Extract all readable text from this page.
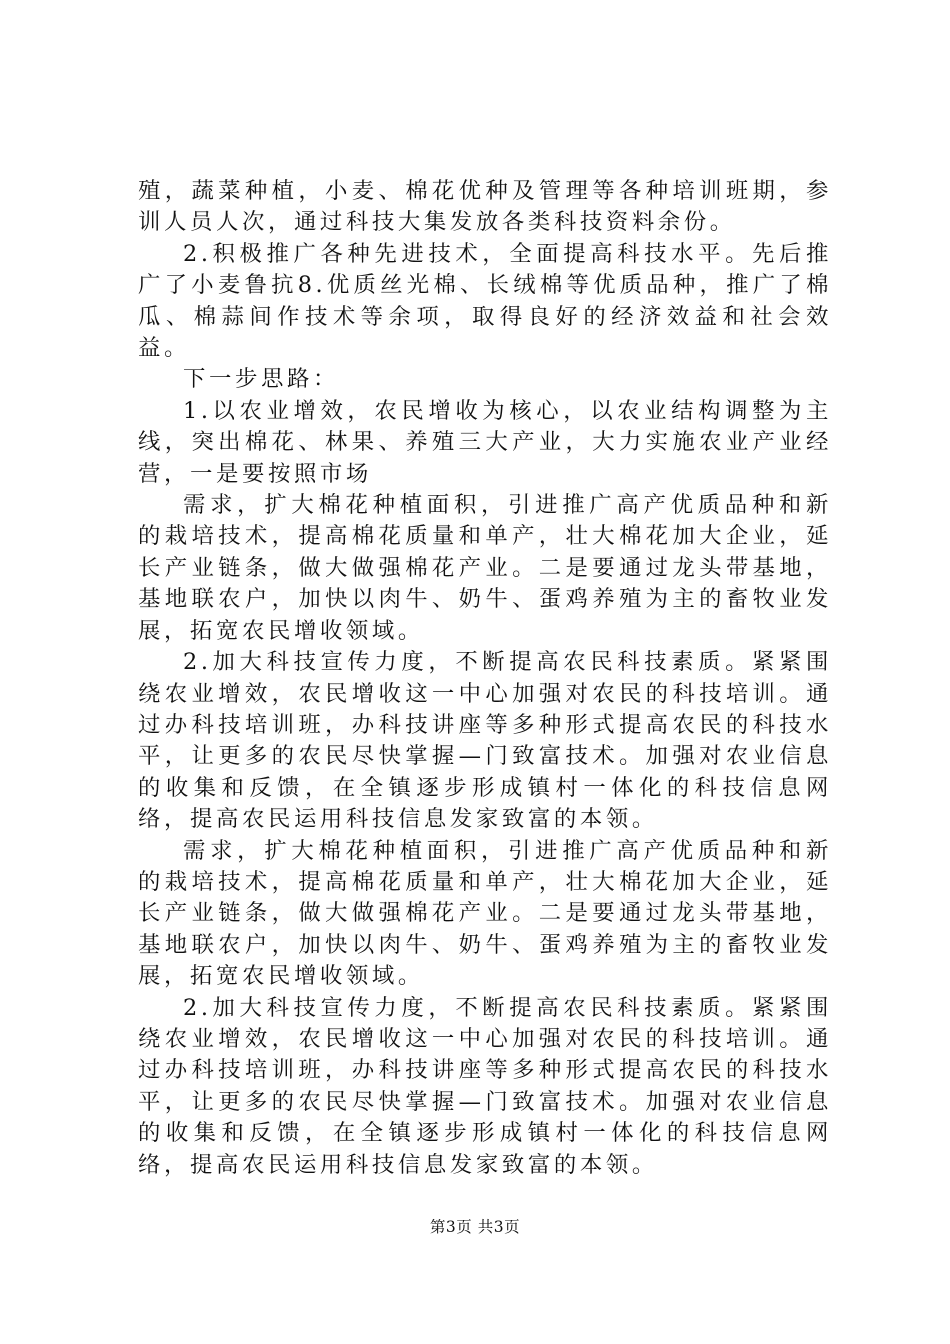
殖，蔬菜种植，小麦、棉花优种及管理等各种培训班期，参训人员人次，通过科技大集发放各类科技资料余份。

2.积极推广各种先进技术，全面提高科技水平。先后推广了小麦鲁抗8.优质丝光棉、长绒棉等优质品种，推广了棉瓜、棉蒜间作技术等余项，取得良好的经济效益和社会效益。

下一步思路：

1.以农业增效，农民增收为核心，以农业结构调整为主线，突出棉花、林果、养殖三大产业，大力实施农业产业经营，一是要按照市场

需求，扩大棉花种植面积，引进推广高产优质品种和新的栽培技术，提高棉花质量和单产，壮大棉花加大企业，延长产业链条，做大做强棉花产业。二是要通过龙头带基地，基地联农户，加快以肉牛、奶牛、蛋鸡养殖为主的畜牧业发展，拓宽农民增收领域。

2.加大科技宣传力度，不断提高农民科技素质。紧紧围绕农业增效，农民增收这一中心加强对农民的科技培训。通过办科技培训班，办科技讲座等多种形式提高农民的科技水平，让更多的农民尽快掌握—门致富技术。加强对农业信息的收集和反馈，在全镇逐步形成镇村一体化的科技信息网络，提高农民运用科技信息发家致富的本领。

需求，扩大棉花种植面积，引进推广高产优质品种和新的栽培技术，提高棉花质量和单产，壮大棉花加大企业，延长产业链条，做大做强棉花产业。二是要通过龙头带基地，基地联农户，加快以肉牛、奶牛、蛋鸡养殖为主的畜牧业发展，拓宽农民增收领域。

2.加大科技宣传力度，不断提高农民科技素质。紧紧围绕农业增效，农民增收这一中心加强对农民的科技培训。通过办科技培训班，办科技讲座等多种形式提高农民的科技水平，让更多的农民尽快掌握—门致富技术。加强对农业信息的收集和反馈，在全镇逐步形成镇村一体化的科技信息网络，提高农民运用科技信息发家致富的本领。

第3页 共3页
